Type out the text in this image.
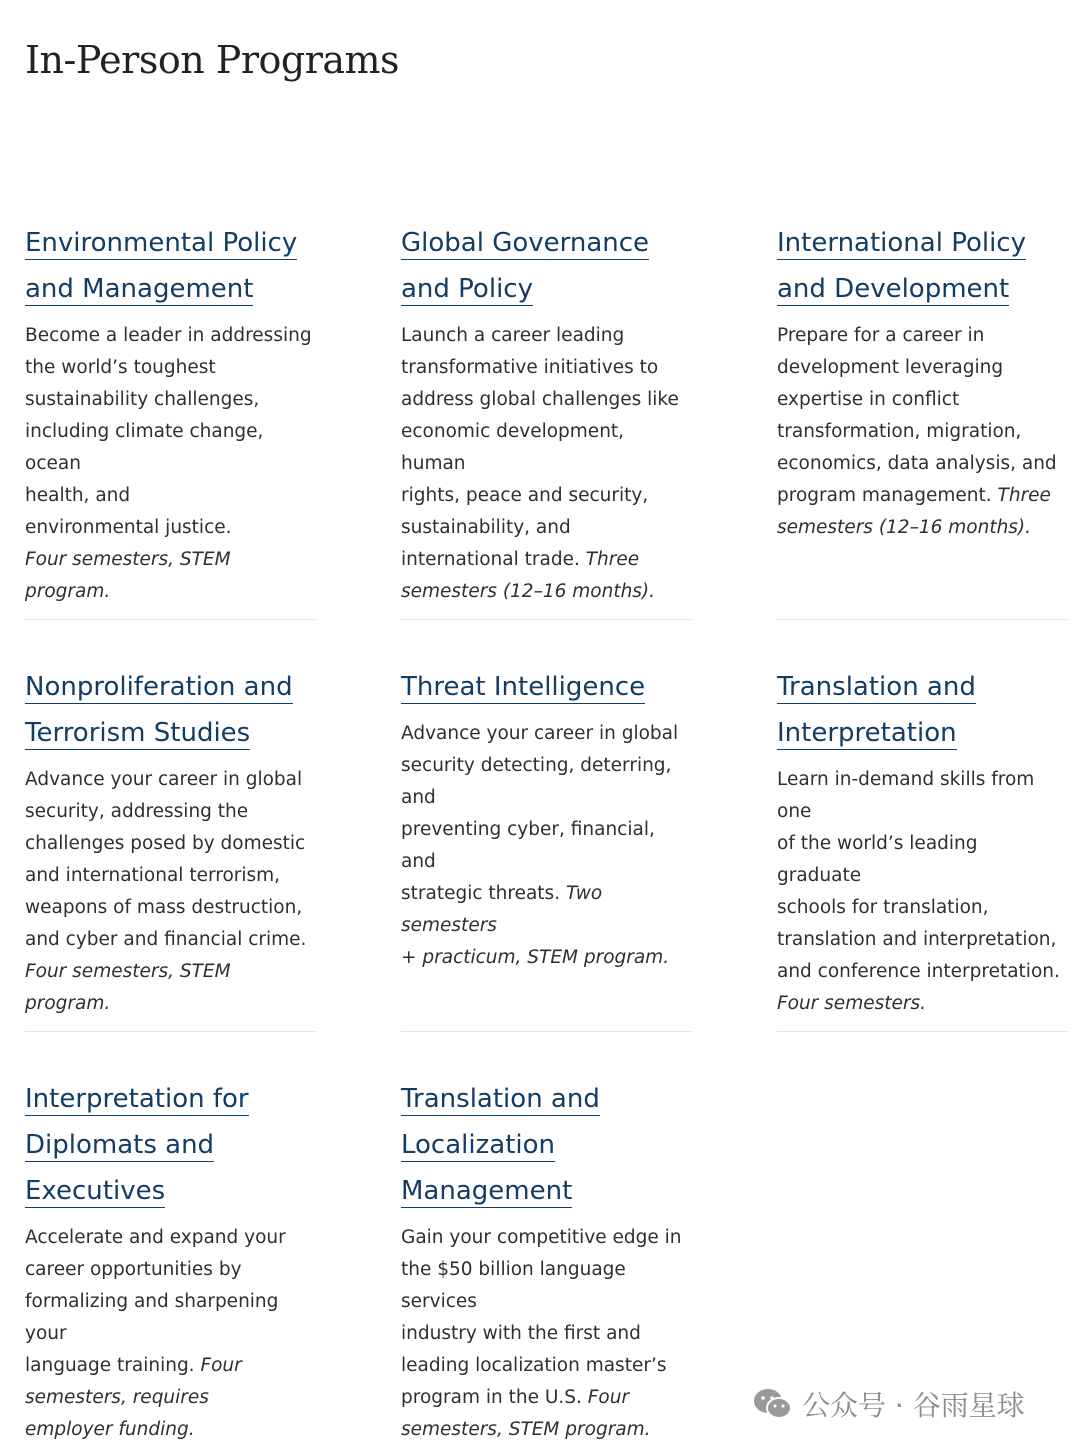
In-Person Programs
Environmental Policy
and Management

Become a leader in addressing
the world’s toughest
sustainability challenges,
including climate change, ocean
health, and
environmental justice.
Four semesters, STEM program.

Global Governance
and Policy

Launch a career leading
transformative initiatives to
address global challenges like
economic development, human
rights, peace and security,
sustainability, and
international trade. Three
semesters (12–16 months).

International Policy
and Development

Prepare for a career in
development leveraging
expertise in conflict
transformation, migration,
economics, data analysis, and
program management. Three
semesters (12–16 months).

Nonproliferation and
Terrorism Studies

Advance your career in global
security, addressing the
challenges posed by domestic
and international terrorism,
weapons of mass destruction,
and cyber and financial crime.
Four semesters, STEM program.

Threat Intelligence

Advance your career in global
security detecting, deterring, and
preventing cyber, financial, and
strategic threats. Two semesters
+ practicum, STEM program.

Translation and
Interpretation

Learn in-demand skills from one
of the world’s leading graduate
schools for translation,
translation and interpretation,
and conference interpretation.
Four semesters.

Interpretation for
Diplomats and
Executives

Accelerate and expand your
career opportunities by
formalizing and sharpening your
language training. Four
semesters, requires
employer funding.

Translation and
Localization
Management

Gain your competitive edge in
the $50 billion language services
industry with the first and
leading localization master’s
program in the U.S. Four
semesters, STEM program.

公众号 · 谷雨星球
